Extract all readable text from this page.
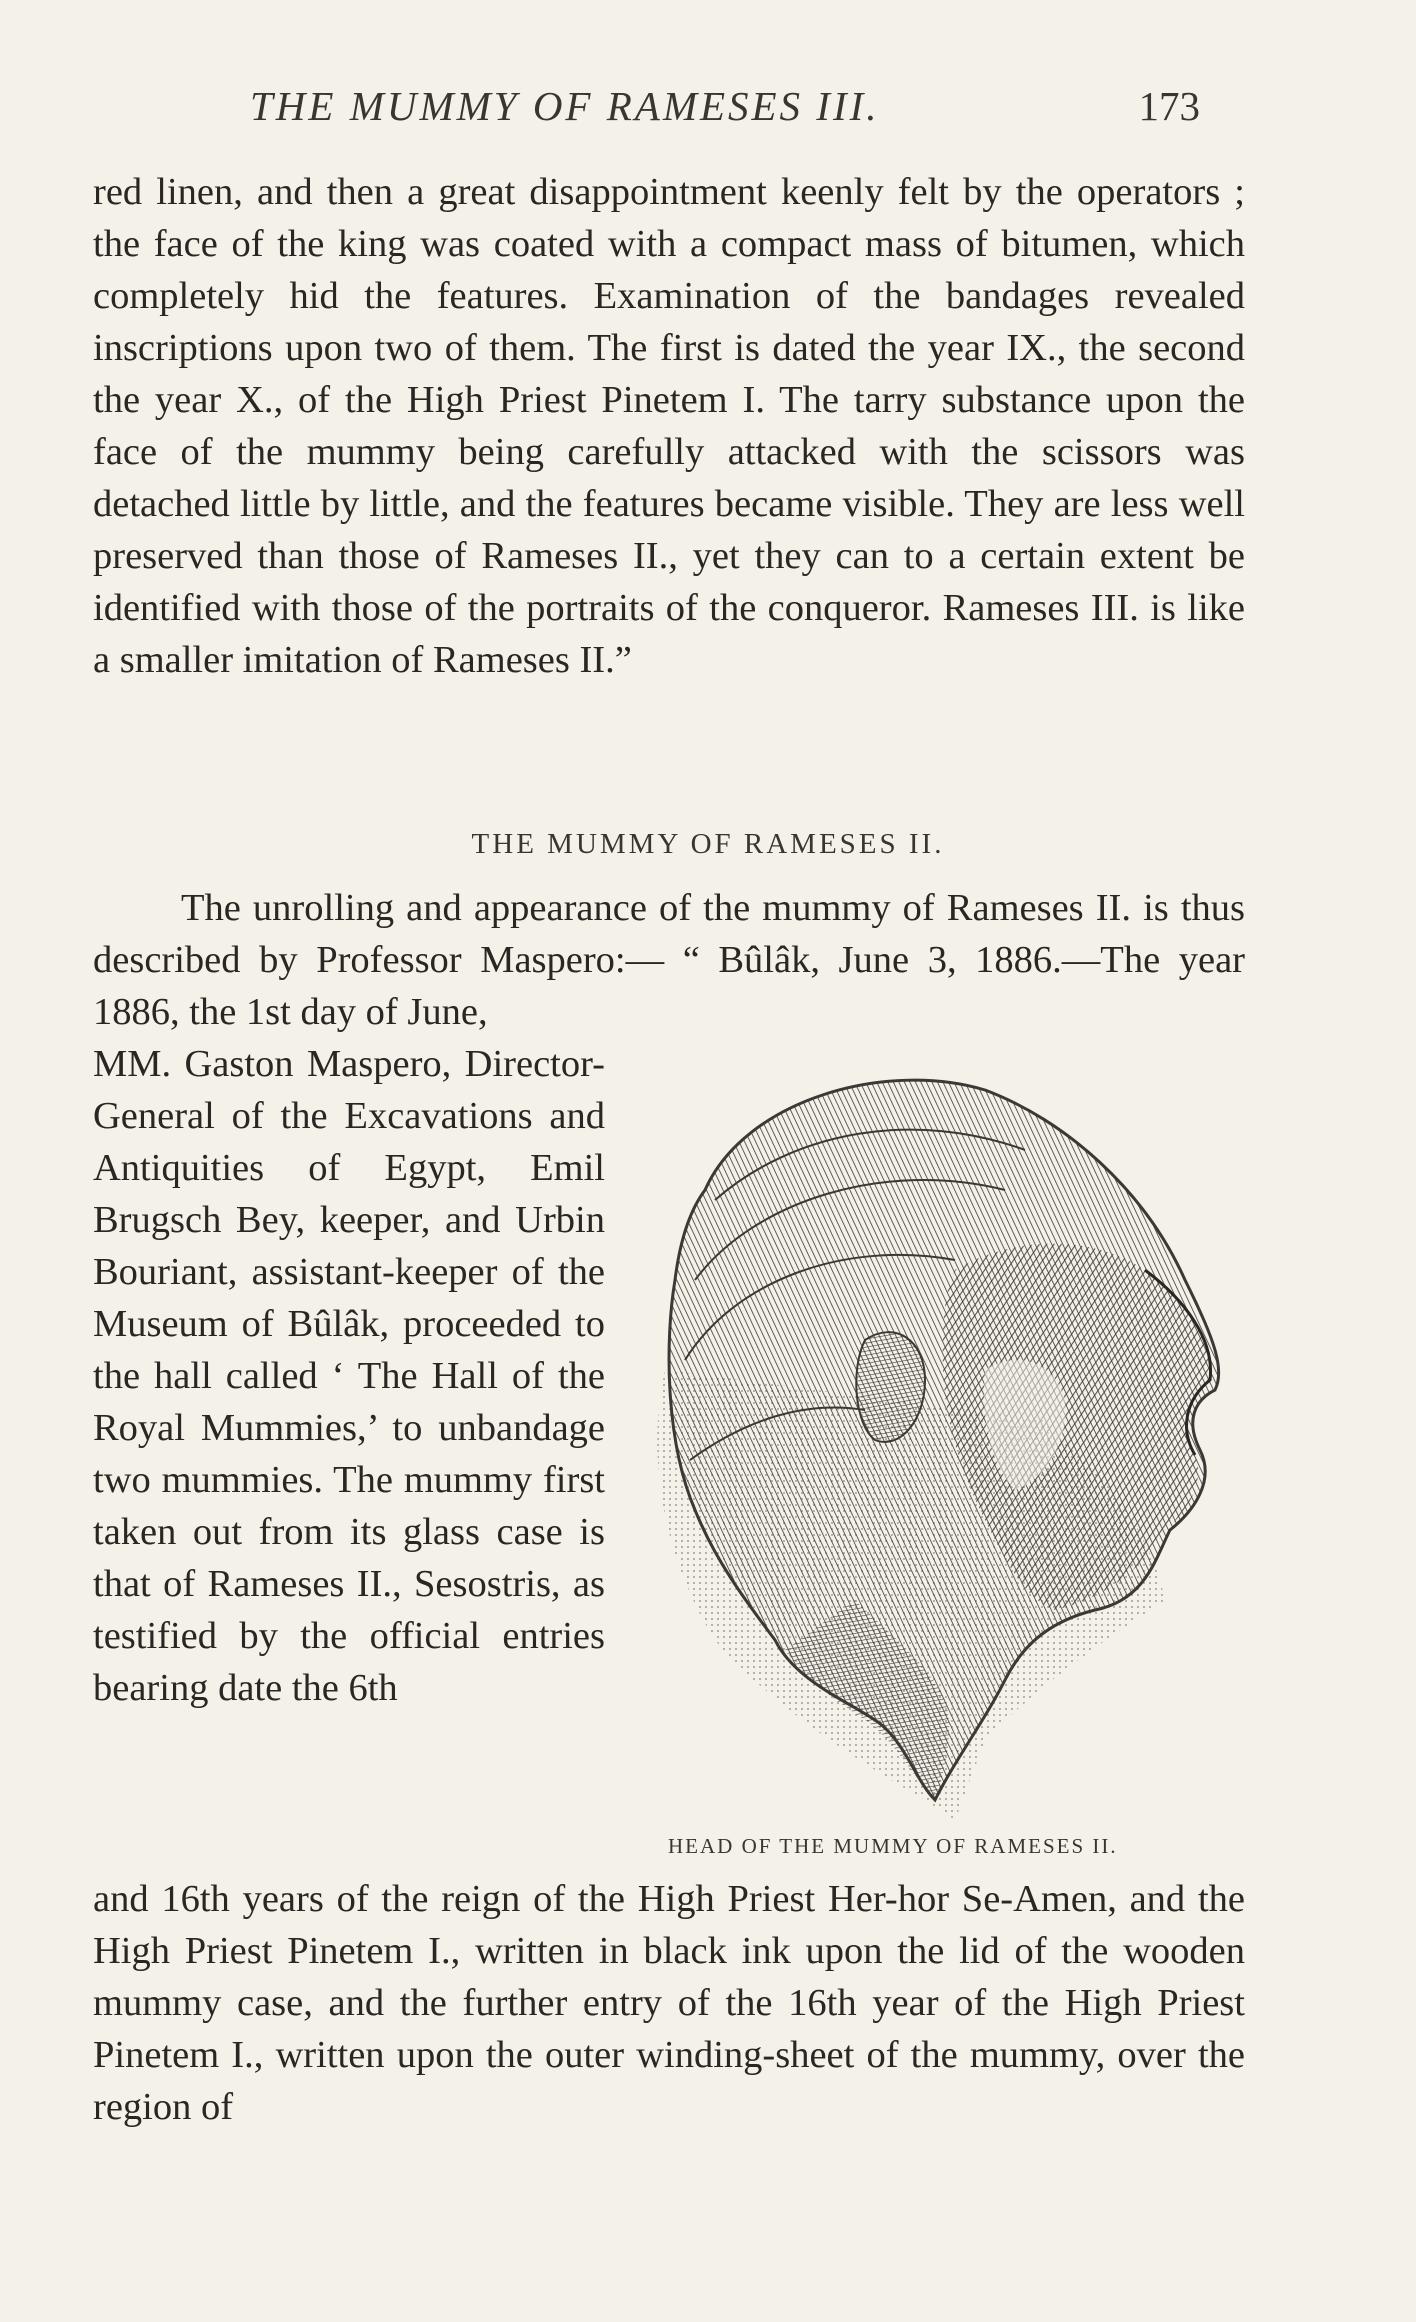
THE MUMMY OF RAMESES III.	173

red linen, and then a great disappointment keenly felt by the operators ; the face of the king was coated with a compact mass of bitumen, which completely hid the features. Examination of the bandages revealed inscriptions upon two of them. The first is dated the year IX., the second the year X., of the High Priest Pinetem I. The tarry substance upon the face of the mummy being carefully attacked with the scissors was detached little by little, and the features became visible. They are less well preserved than those of Rameses II., yet they can to a certain extent be identified with those of the portraits of the conqueror. Rameses III. is like a smaller imitation of Rameses II.”

THE MUMMY OF RAMESES II.

The unrolling and appearance of the mummy of Rameses II. is thus described by Professor Maspero:— “ Bûlâk, June 3, 1886.—The year 1886, the 1st day of June,

MM. Gaston Maspero, Director-General of the Excavations and Antiquities of Egypt, Emil Brugsch Bey, keeper, and Urbin Bouriant, assistant-keeper of the Museum of Bûlâk, proceeded to the hall called ‘ The Hall of the Royal Mummies,’ to unbandage two mummies. The mummy first taken out from its glass case is that of Rameses II., Sesostris, as testified by the official entries bearing date the 6th

HEAD OF THE MUMMY OF RAMESES II.

and 16th years of the reign of the High Priest Her-hor Se-Amen, and the High Priest Pinetem I., written in black ink upon the lid of the wooden mummy case, and the further entry of the 16th year of the High Priest Pinetem I., written upon the outer winding-sheet of the mummy, over the region of
